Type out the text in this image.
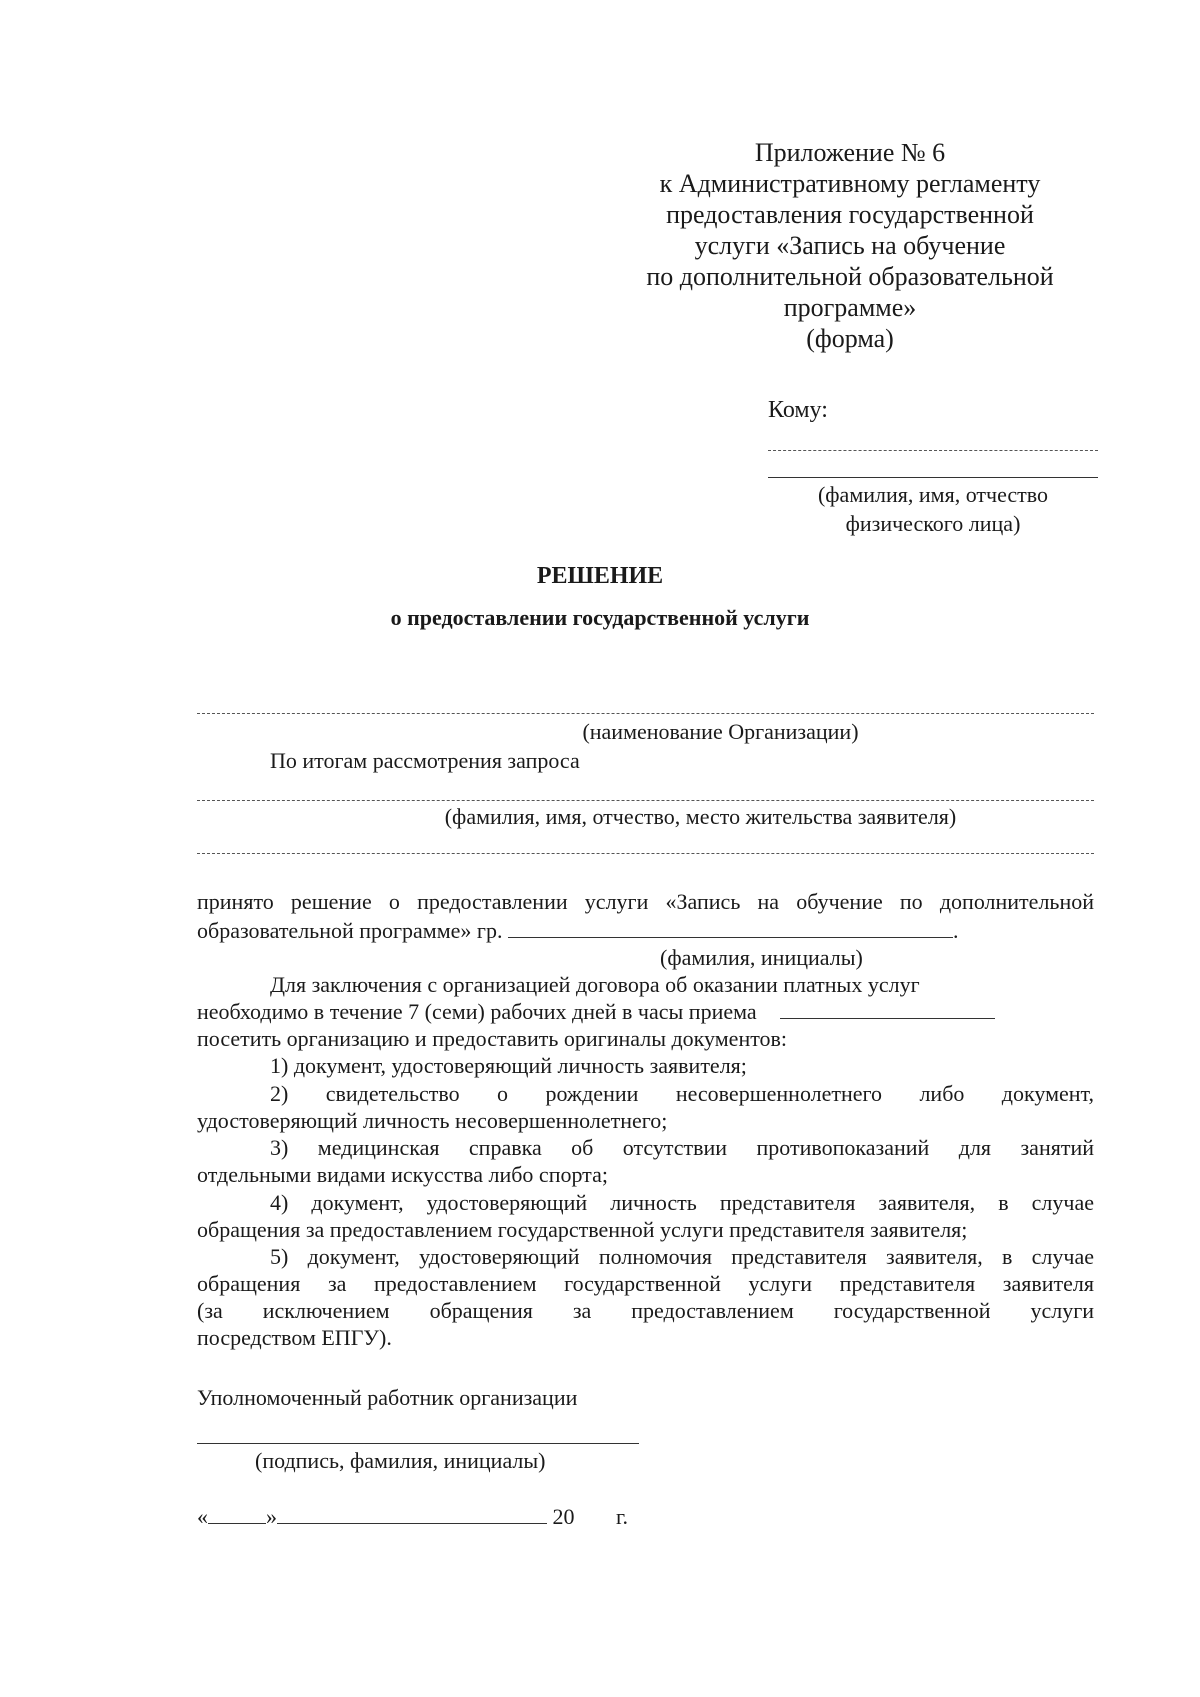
Приложение № 6
к Административному регламенту
предоставления государственной
услуги «Запись на обучение
по дополнительной образовательной
программе»
(форма)
Кому:
(фамилия, имя, отчество
физического лица)
РЕШЕНИЕ
о предоставлении государственной услуги
(наименование Организации)
По итогам рассмотрения запроса
(фамилия, имя, отчество, место жительства заявителя)
принято решение о предоставлении услуги «Запись на обучение по дополнительной
образовательной программе» гр.	.
(фамилия, инициалы)
Для заключения с организацией договора об оказании платных услуг
необходимо в течение 7 (семи) рабочих дней в часы приема
посетить организацию и предоставить оригиналы документов:
1) документ, удостоверяющий личность заявителя;
2) свидетельство о рождении несовершеннолетнего либо документ,
удостоверяющий личность несовершеннолетнего;
3) медицинская справка об отсутствии противопоказаний для занятий
отдельными видами искусства либо спорта;
4) документ, удостоверяющий личность представителя заявителя, в случае
обращения за предоставлением государственной услуги представителя заявителя;
5) документ, удостоверяющий полномочия представителя заявителя, в случае
обращения за предоставлением государственной услуги представителя заявителя
(за исключением обращения за предоставлением государственной услуги
посредством ЕПГУ).
Уполномоченный работник организации
(подпись, фамилия, инициалы)
«	»	20 г.
